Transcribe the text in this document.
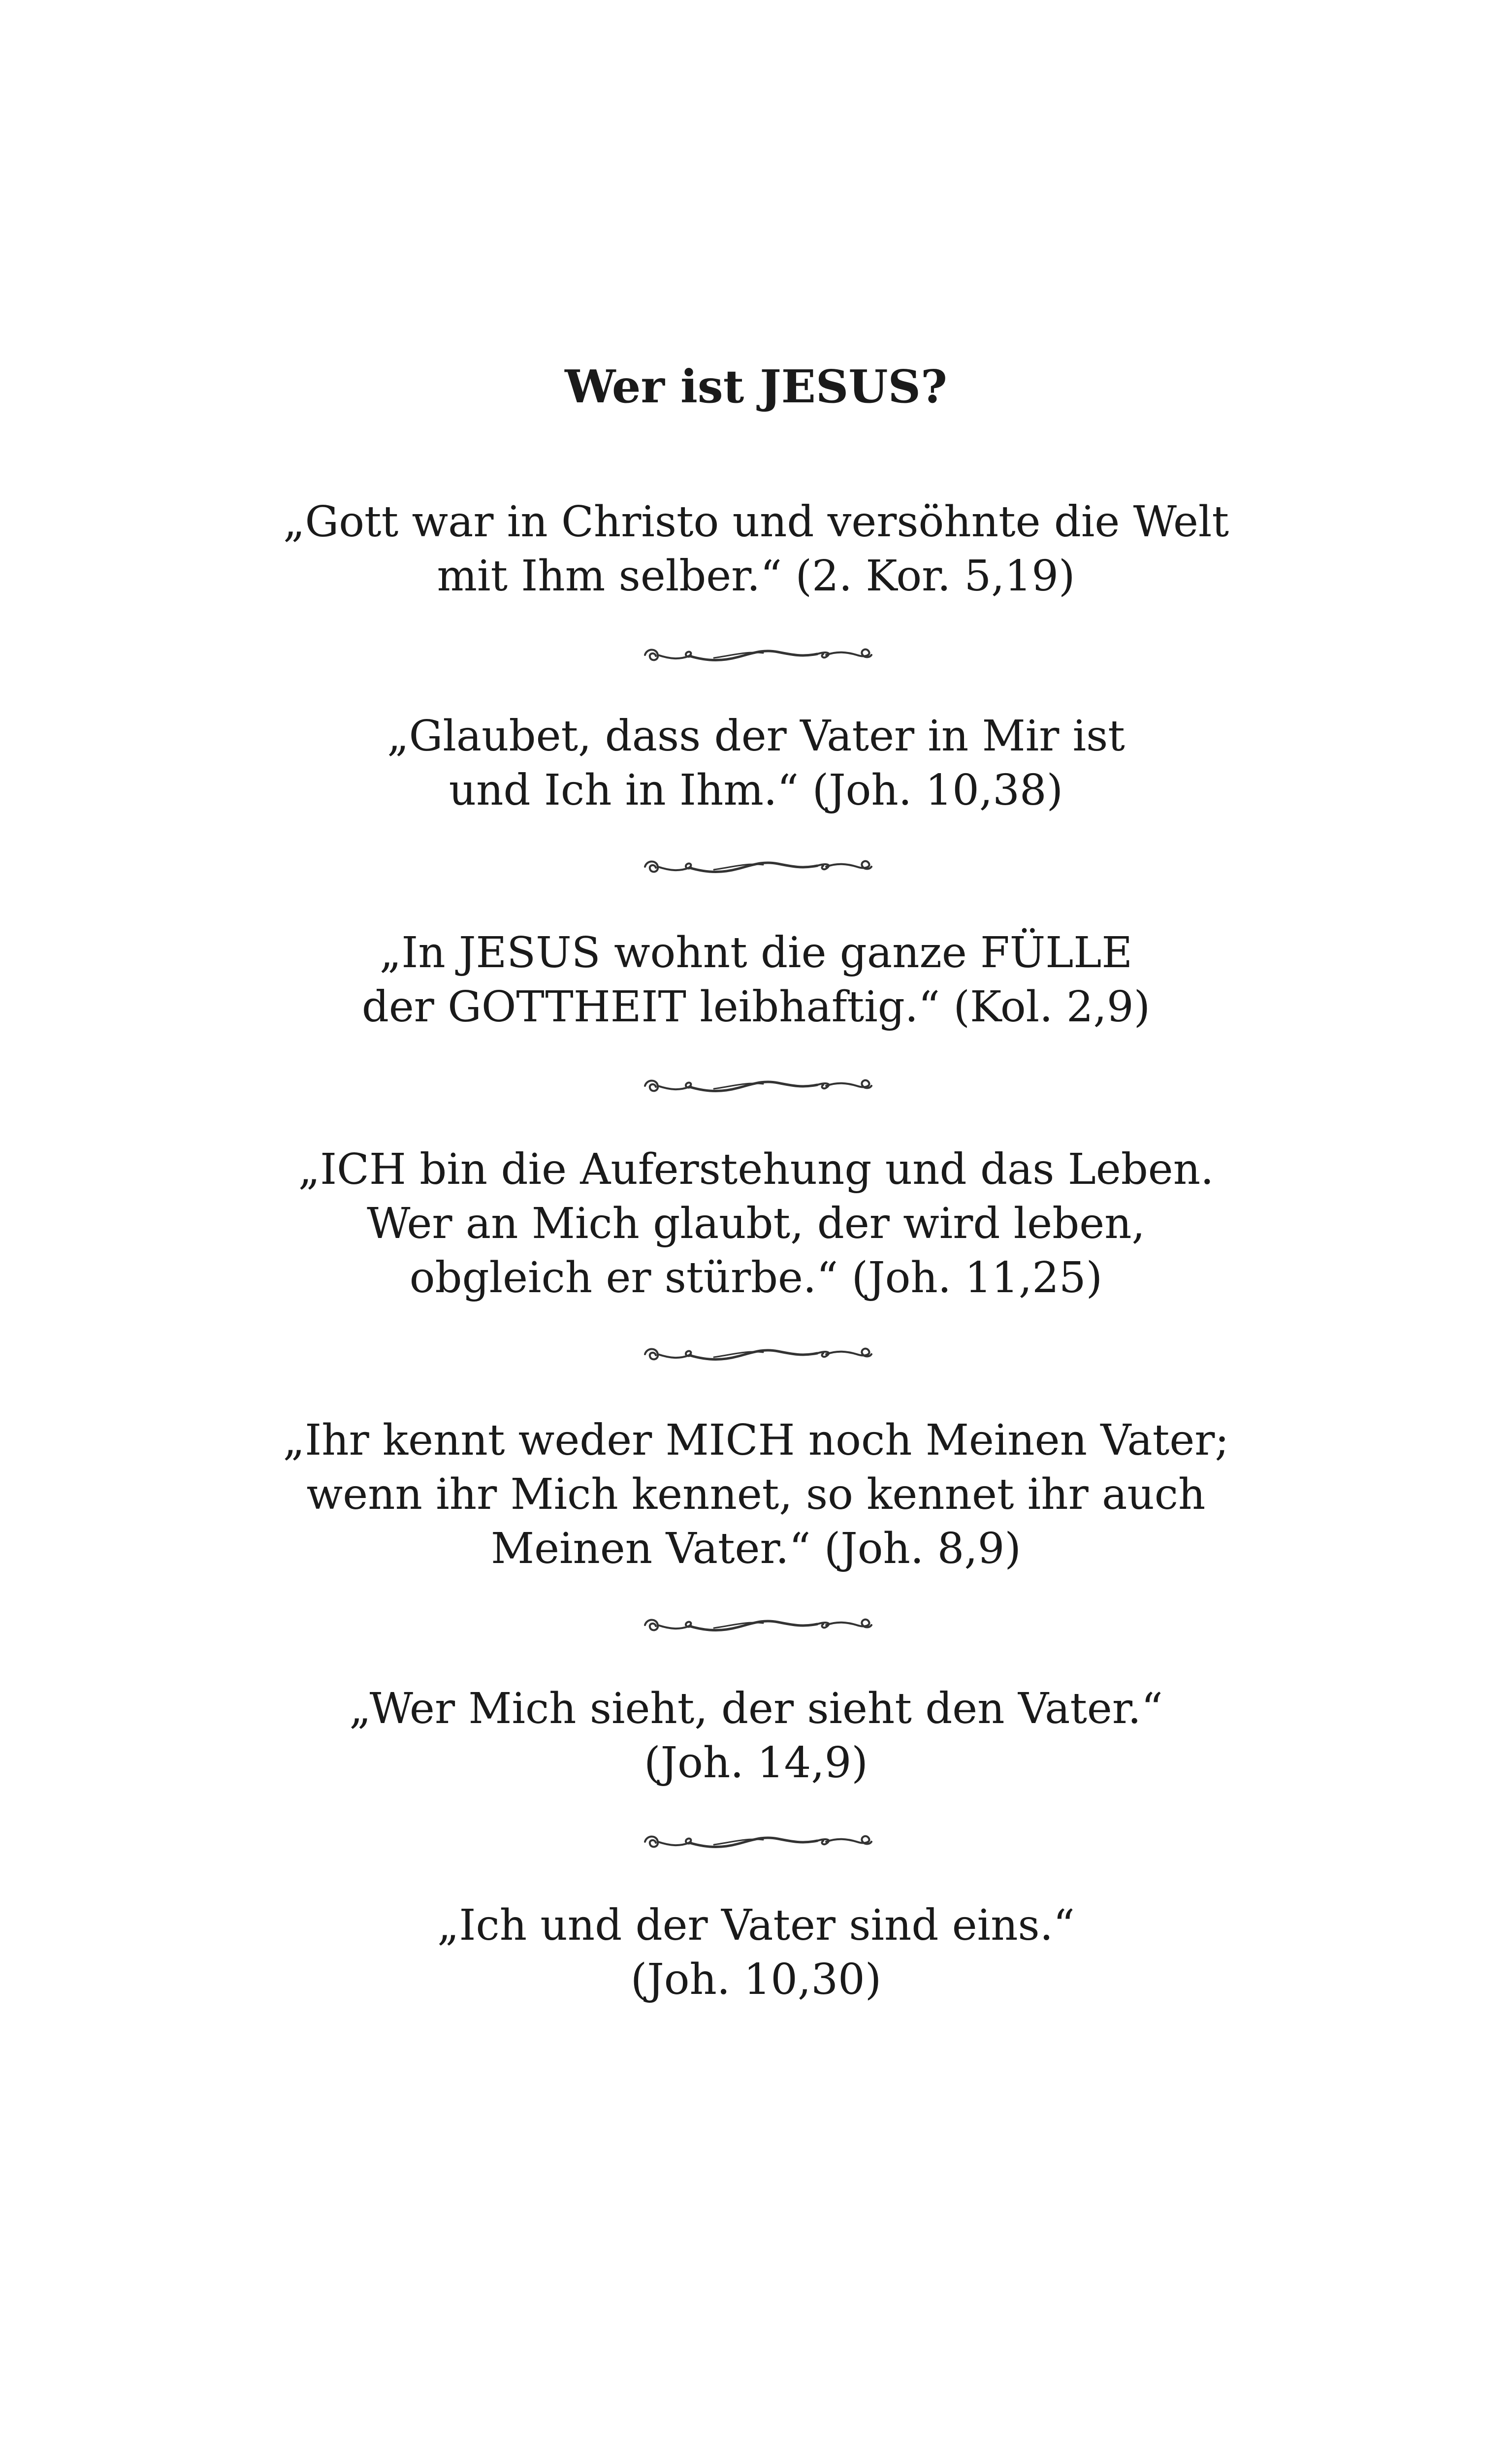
Wer ist JESUS?
„Gott war in Christo und versöhnte die Welt
mit Ihm selber.“ (2. Kor. 5,19)
„Glaubet, dass der Vater in Mir ist
und Ich in Ihm.“ (Joh. 10,38)
„In JESUS wohnt die ganze FÜLLE
der GOTTHEIT leibhaftig.“ (Kol. 2,9)
„ICH bin die Auferstehung und das Leben.
Wer an Mich glaubt, der wird leben,
obgleich er stürbe.“ (Joh. 11,25)
„Ihr kennt weder MICH noch Meinen Vater;
wenn ihr Mich kennet, so kennet ihr auch
Meinen Vater.“ (Joh. 8,9)
„Wer Mich sieht, der sieht den Vater.“
(Joh. 14,9)
„Ich und der Vater sind eins.“
(Joh. 10,30)
